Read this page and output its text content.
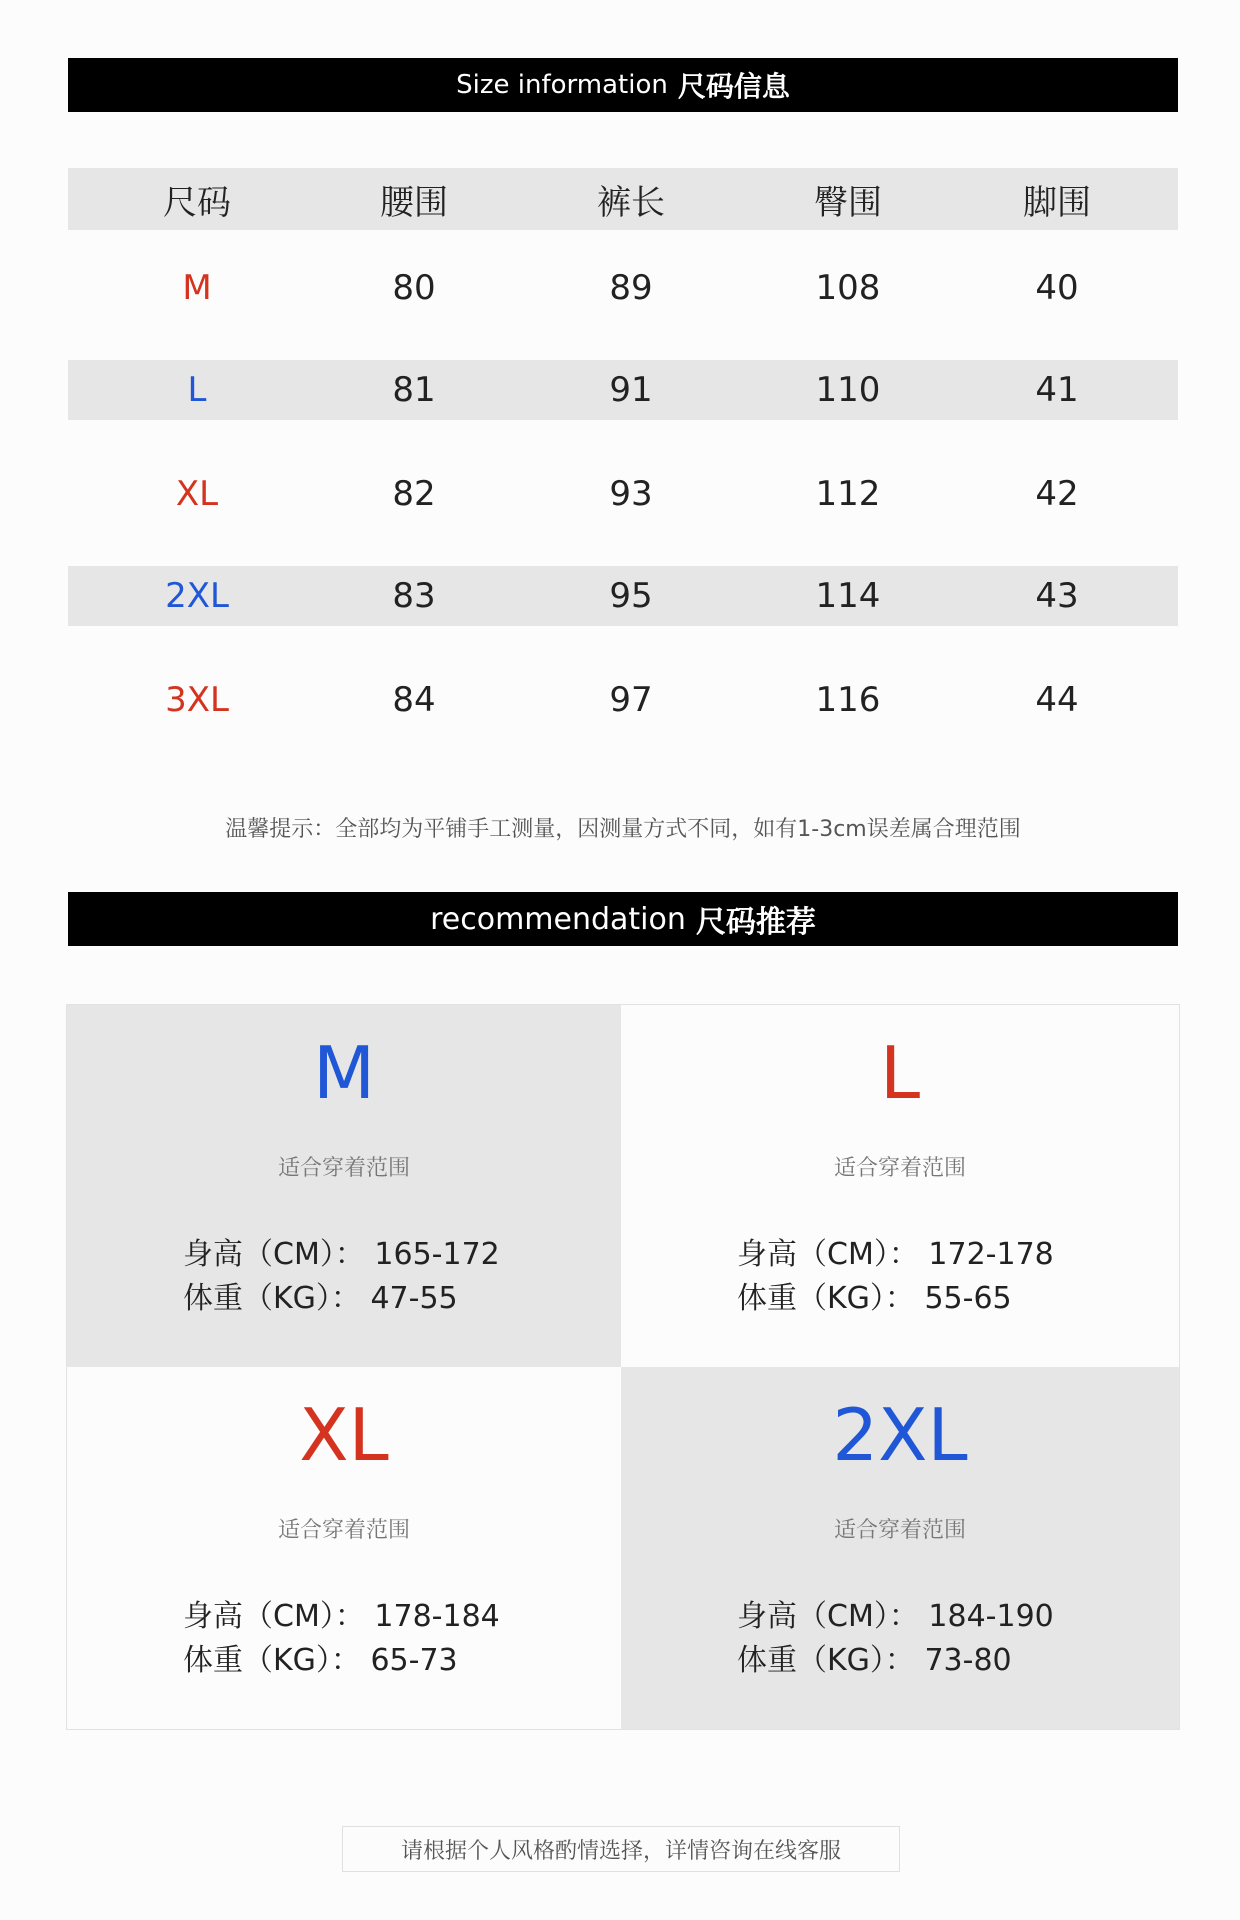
Size information 尺码信息
尺码	腰围	裤长	臀围	脚围
M	80	89	108	40
L	81	91	110	41
XL	82	93	112	42
2XL	83	95	114	43
3XL	84	97	116	44
温馨提示：全部均为平铺手工测量，因测量方式不同，如有1-3cm误差属合理范围
recommendation 尺码推荐
M
适合穿着范围
身高（CM）： 165-172
体重（KG）： 47-55
L
适合穿着范围
身高（CM）： 172-178
体重（KG）： 55-65
XL
适合穿着范围
身高（CM）： 178-184
体重（KG）： 65-73
2XL
适合穿着范围
身高（CM）： 184-190
体重（KG）： 73-80
请根据个人风格酌情选择，详情咨询在线客服
